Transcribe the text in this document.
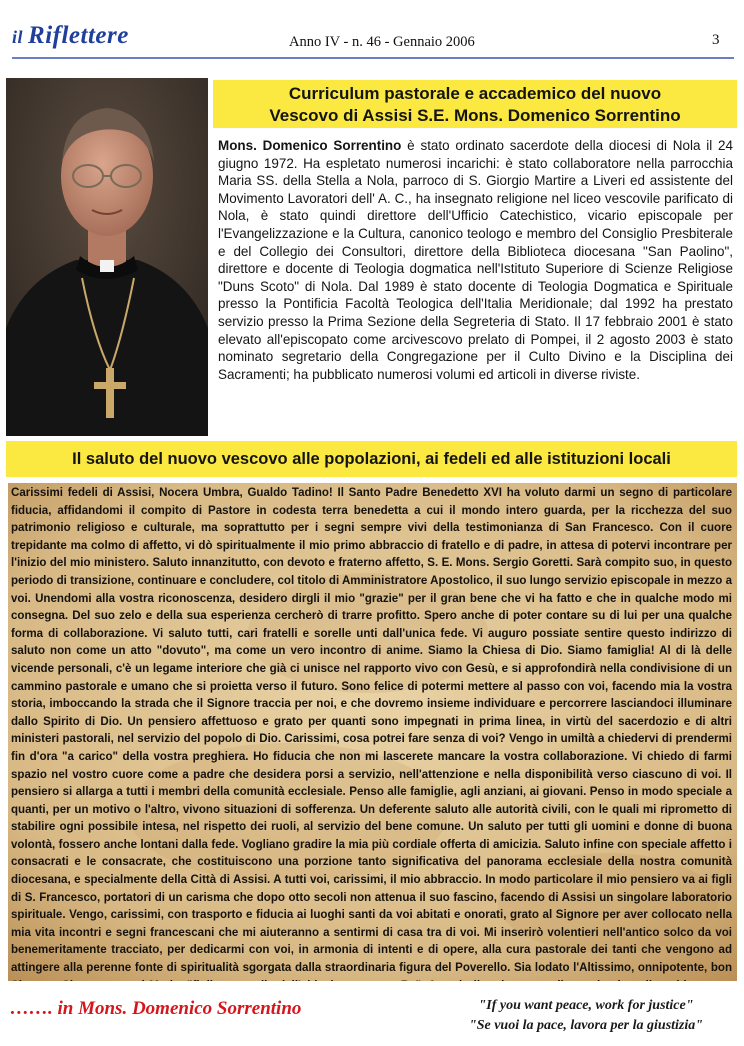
il Riflettere	Anno IV - n. 46 - Gennaio 2006	3
Curriculum pastorale e accademico del nuovo
Vescovo di Assisi S.E. Mons. Domenico Sorrentino
Mons. Domenico Sorrentino è stato ordinato sacerdote della diocesi di Nola il 24 giugno 1972. Ha espletato numerosi incarichi: è stato collaboratore nella parrocchia Maria SS. della Stella a Nola, parroco di S. Giorgio Martire a Liveri ed assistente del Movimento Lavoratori dell' A. C., ha insegnato religione nel liceo vescovile parificato di Nola, è stato quindi direttore dell'Ufficio Catechistico, vicario episcopale per l'Evangelizzazione e la Cultura, canonico teologo e membro del Consiglio Presbiterale e del Collegio dei Consultori, direttore della Biblioteca diocesana "San Paolino", direttore e docente di Teologia dogmatica nell'Istituto Superiore di Scienze Religiose "Duns Scoto" di Nola. Dal 1989 è stato docente di Teologia Dogmatica e Spirituale presso la Pontificia Facoltà Teologica dell'Italia Meridionale; dal 1992 ha prestato servizio presso la Prima Sezione della Segreteria di Stato. Il 17 febbraio 2001 è stato elevato all'episcopato come arcivescovo prelato di Pompei, il 2 agosto 2003 è stato nominato segretario della Congregazione per il Culto Divino e la Disciplina dei Sacramenti; ha pubblicato numerosi volumi ed articoli in diverse riviste.
Il saluto del nuovo vescovo alle popolazioni, ai fedeli ed alle istituzioni locali
Carissimi fedeli di Assisi, Nocera Umbra, Gualdo Tadino! Il Santo Padre Benedetto XVI ha voluto darmi un segno di particolare fiducia, affidandomi il compito di Pastore in codesta terra benedetta a cui il mondo intero guarda, per la ricchezza del suo patrimonio religioso e culturale, ma soprattutto per i segni sempre vivi della testimonianza di San Francesco. Con il cuore trepidante ma colmo di affetto, vi dò spiritualmente il mio primo abbraccio di fratello e di padre, in attesa di potervi incontrare per l'inizio del mio ministero. Saluto innanzitutto, con devoto e fraterno affetto, S. E. Mons. Sergio Goretti. Sarà compito suo, in questo periodo di transizione, continuare e concludere, col titolo di Amministratore Apostolico, il suo lungo servizio episcopale in mezzo a voi. Unendomi alla vostra riconoscenza, desidero dirgli il mio "grazie" per il gran bene che vi ha fatto e che in qualche modo mi consegna. Del suo zelo e della sua esperienza cercherò di trarre profitto. Spero anche di poter contare su di lui per una qualche forma di collaborazione. Vi saluto tutti, cari fratelli e sorelle unti dall'unica fede. Vi auguro possiate sentire questo indirizzo di saluto non come un atto "dovuto", ma come un vero incontro di anime. Siamo la Chiesa di Dio. Siamo famiglia! Al di là delle vicende personali, c'è un legame interiore che già ci unisce nel rapporto vivo con Gesù, e si approfondirà nella condivisione di un cammino pastorale e umano che si proietta verso il futuro. Sono felice di potermi mettere al passo con voi, facendo mia la vostra storia, imboccando la strada che il Signore traccia per noi, e che dovremo insieme individuare e percorrere lasciandoci illuminare dallo Spirito di Dio. Un pensiero affettuoso e grato per quanti sono impegnati in prima linea, in virtù del sacerdozio e di altri ministeri pastorali, nel servizio del popolo di Dio. Carissimi, cosa potrei fare senza di voi? Vengo in umiltà a chiedervi di prendermi fin d'ora "a carico" della vostra preghiera. Ho fiducia che non mi lascerete mancare la vostra collaborazione. Vi chiedo di farmi spazio nel vostro cuore come a padre che desidera porsi a servizio, nell'attenzione e nella disponibilità verso ciascuno di voi. Il pensiero si allarga a tutti i membri della comunità ecclesiale. Penso alle famiglie, agli anziani, ai giovani. Penso in modo speciale a quanti, per un motivo o l'altro, vivono situazioni di sofferenza. Un deferente saluto alle autorità civili, con le quali mi riprometto di stabilire ogni possibile intesa, nel rispetto dei ruoli, al servizio del bene comune. Un saluto per tutti gli uomini e donne di buona volontà, fossero anche lontani dalla fede. Vogliano gradire la mia più cordiale offerta di amicizia. Saluto infine con speciale affetto i consacrati e le consacrate, che costituiscono una porzione tanto significativa del panorama ecclesiale della nostra comunità diocesana, e specialmente della Città di Assisi. A tutti voi, carissimi, il mio abbraccio. In modo particolare il mio pensiero va ai figli di S. Francesco, portatori di un carisma che dopo otto secoli non attenua il suo fascino, facendo di Assisi un singolare laboratorio spirituale. Vengo, carissimi, con trasporto e fiducia ai luoghi santi da voi abitati e onorati, grato al Signore per aver collocato nella mia vita incontri e segni francescani che mi aiuteranno a sentirmi di casa tra di voi. Mi inserirò volentieri nell'antico solco da voi benemeritamente tracciato, per dedicarmi con voi, in armonia di intenti e di opere, alla cura pastorale dei tanti che vengono ad attingere alla perenne fonte di spiritualità sgorgata dalla straordinaria figura del Poverello. Sia lodato l'Altissimo, onnipotente, bon
……. in Mons. Domenico Sorrentino	"If you want peace, work for justice"
"Se vuoi la pace, lavora per la giustizia"
